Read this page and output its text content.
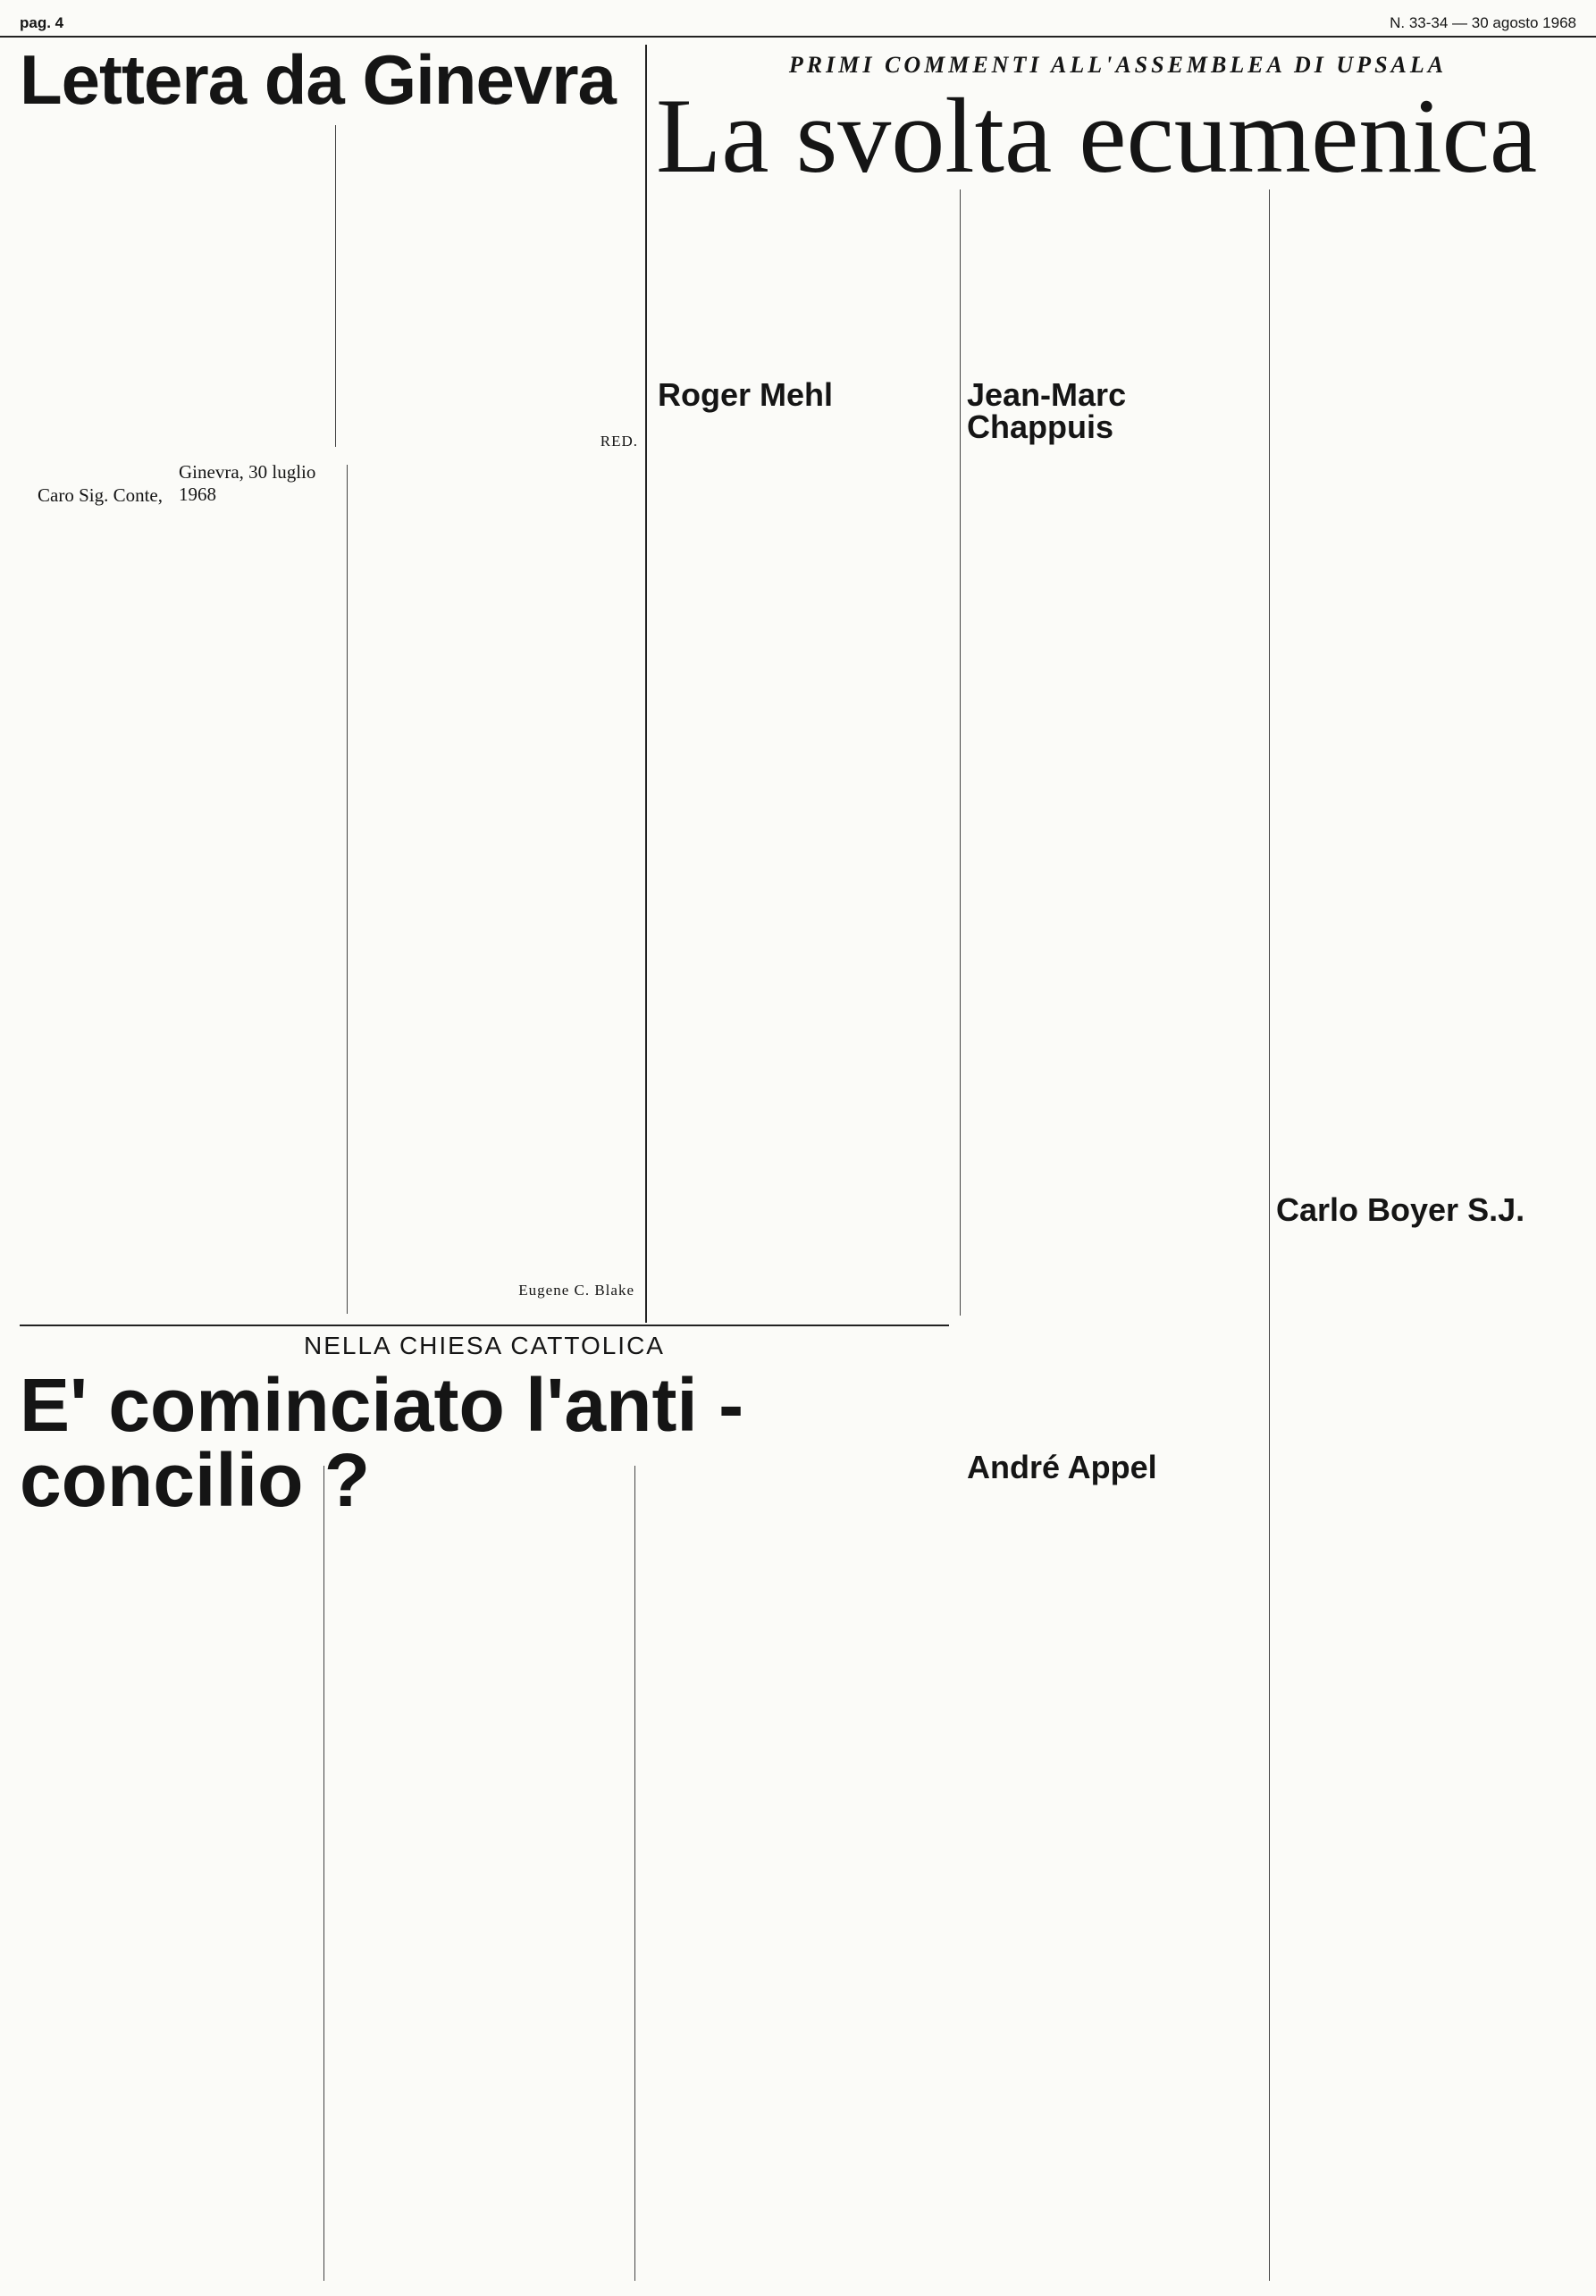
pag. 4	N. 33-34 — 30 agosto 1968
Lettera da Ginevra
RED.
Ginevra, 30 luglio 1968
Caro Sig. Conte,
Eugene C. Blake
PRIMI COMMENTI ALL'ASSEMBLEA DI UPSALA
La svolta ecumenica
Roger Mehl	Jean-Marc Chappuis
André Appel
Carlo Boyer S.J.
NELLA CHIESA CATTOLICA
E' cominciato l'anti - concilio ?
